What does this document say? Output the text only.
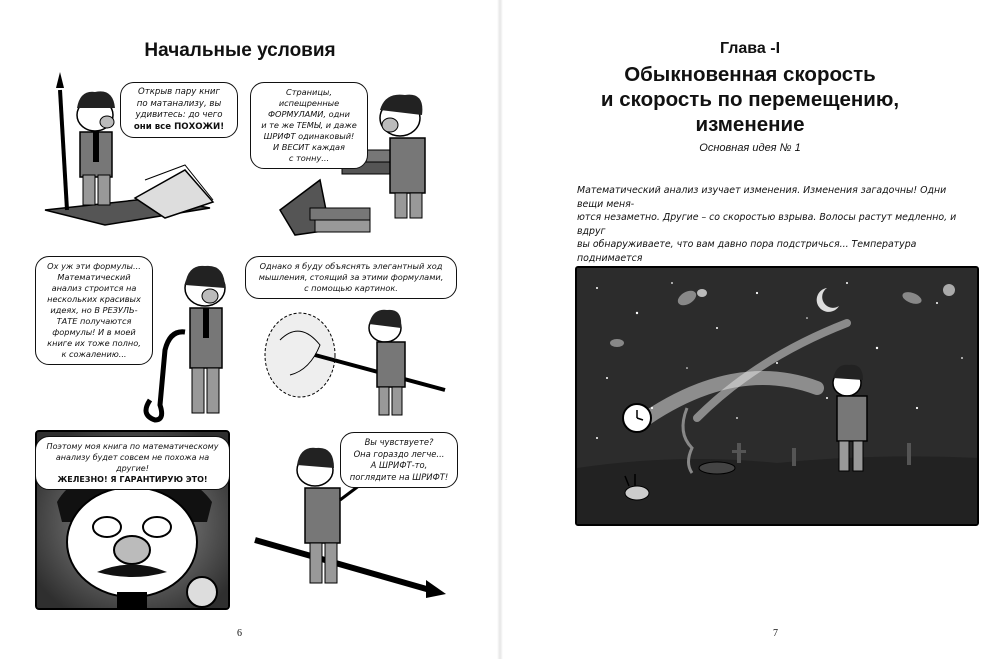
Начальные условия
Открыв пару книг
по матанализу, вы
удивитесь: до чего
они все ПОХОЖИ!
Страницы, испещренные
ФОРМУЛАМИ, одни
и те же ТЕМЫ, и даже
ШРИФТ одинаковый!
И ВЕСИТ каждая
с тонну...
Ох уж эти формулы...
Математический
анализ строится на
нескольких красивых
идеях, но В РЕЗУЛЬ-
ТАТЕ получаются
формулы! И в моей
книге их тоже полно,
к сожалению...
Однако я буду объяснять элегантный ход
мышления, стоящий за этими формулами,
с помощью картинок.
Поэтому моя книга по математическому
анализу будет совсем не похожа на другие!
ЖЕЛЕЗНО! Я ГАРАНТИРУЮ ЭТО!
Вы чувствуете?
Она гораздо легче...
А ШРИФТ-то,
поглядите на ШРИФТ!
6
Глава -I
Обыкновенная скорость
и скорость по перемещению,
изменение
Основная идея № 1
Математический анализ изучает изменения. Изменения загадочны! Одни вещи меня-
ются незаметно. Другие – со скоростью взрыва. Волосы растут медленно, и вдруг
вы обнаруживаете, что вам давно пора подстричься... Температура поднимается
7
